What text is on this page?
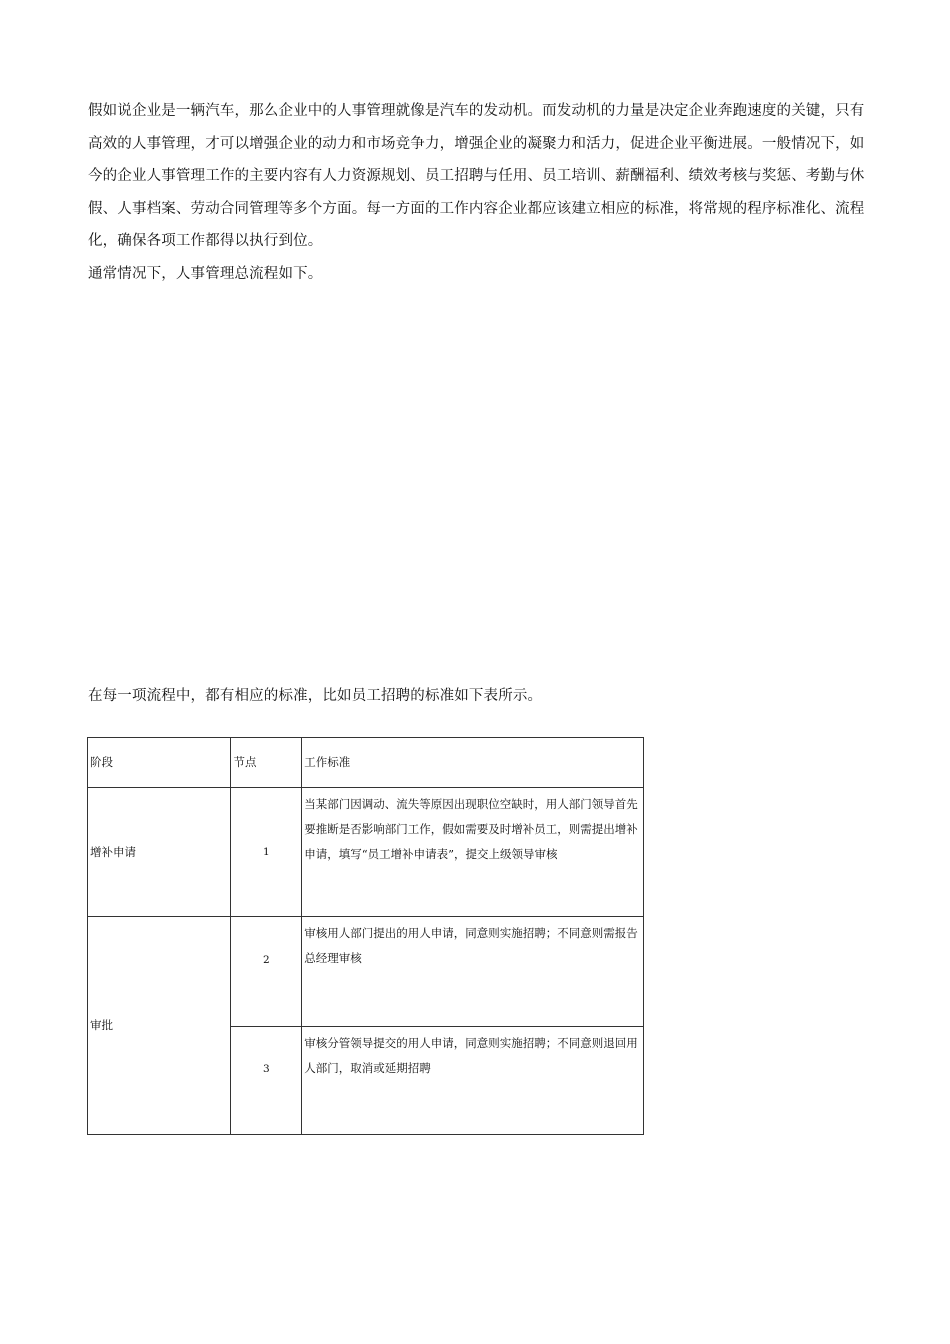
假如说企业是一辆汽车，那么企业中的人事管理就像是汽车的发动机。而发动机的力量是决定企业奔跑速度的关键，只有高效的人事管理，才可以增强企业的动力和市场竞争力，增强企业的凝聚力和活力，促进企业平衡进展。一般情况下，如今的企业人事管理工作的主要内容有人力资源规划、员工招聘与任用、员工培训、薪酬福利、绩效考核与奖惩、考勤与休假、人事档案、劳动合同管理等多个方面。每一方面的工作内容企业都应该建立相应的标准，将常规的程序标准化、流程化，确保各项工作都得以执行到位。

通常情况下，人事管理总流程如下。

在每一项流程中，都有相应的标准，比如员工招聘的标准如下表所示。
阶段	节点	工作标准
增补申请	1	当某部门因调动、流失等原因出现职位空缺时，用人部门领导首先要推断是否影响部门工作，假如需要及时增补员工，则需提出增补申请，填写“员工增补申请表”，提交上级领导审核
审批	2	审核用人部门提出的用人申请，同意则实施招聘；不同意则需报告总经理审核
	3	审核分管领导提交的用人申请，同意则实施招聘；不同意则退回用人部门，取消或延期招聘
